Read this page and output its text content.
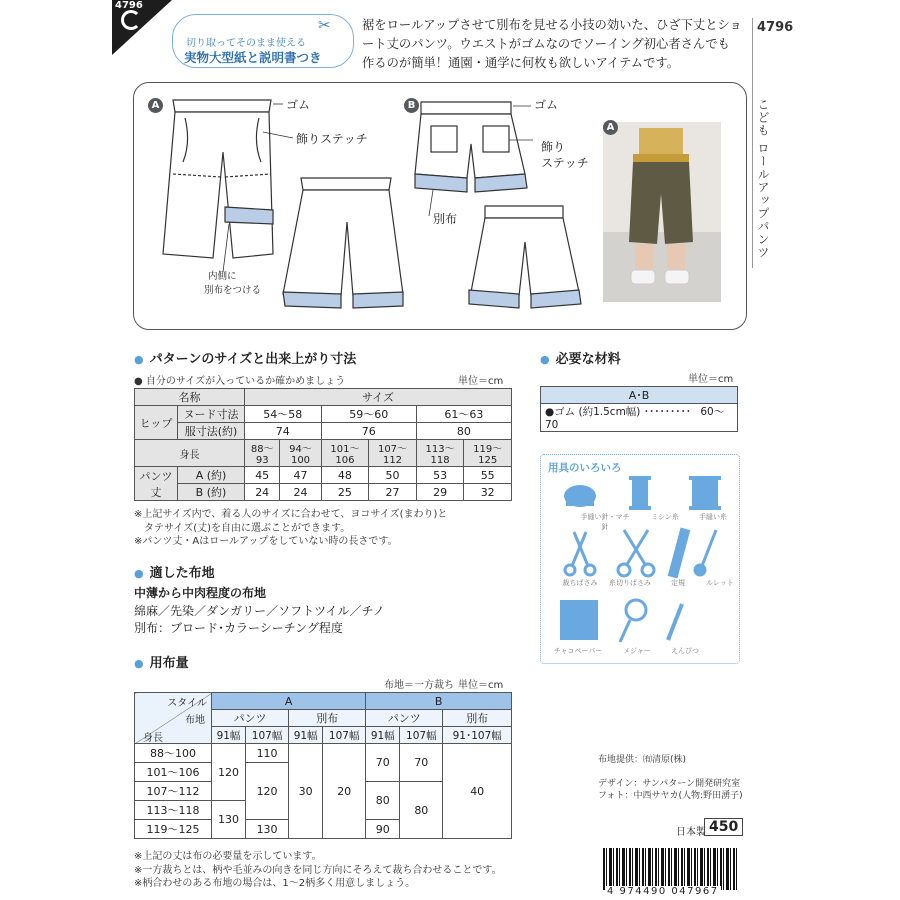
4796
切り取ってそのまま使える
実物大型紙と説明書つき
✂	裾をロールアップさせて別布を見せる小技の効いた、ひざ下丈とショート丈のパンツ。ウエストがゴムなのでソーイング初心者さんでも作るのが簡単！通園・通学に何枚も欲しいアイテムです。
4796
こども ロールアップパンツ
A	B
A
ゴム
飾りステッチ
内側に
別布をつける
ゴム
飾り
ステッチ
別布
● パターンのサイズと出来上がり寸法
● 自分のサイズが入っているか確かめましょう	単位＝cm
名称		サイズ					
ヒップ	ヌード寸法	54〜58		59〜60		61〜63	
	服寸法(約)	74		76		80	
身長		88〜93	94〜100	101〜106	107〜112	113〜118	119〜125
パンツ丈	A (約)	45	47	48	50	53	55
	B (約)	24	24	25	27	29	32
※上記サイズ内で、着る人のサイズに合わせて、ヨコサイズ(まわり)と
　タテサイズ(丈)を自由に選ぶことができます。
※パンツ丈・Aはロールアップをしていない時の長さです。
● 適した布地
中薄から中肉程度の布地
綿麻／先染／ダンガリー／ソフトツイル／チノ
別布：ブロード･カラーシーチング程度
● 用布量
布地＝一方裁ち 単位＝cm
スタイル
布地
身長	A				B		
	パンツ		別布		パンツ		別布
	91幅	107幅	91幅	107幅	91幅	107幅	91･107幅
88〜100	120	110	30	20	70	70	40
101〜106		120					
107〜112					80	80	
113〜118	130						
119〜125		130			90		
※上記の丈は布の必要量を示しています。
※一方裁ちとは、柄や毛並みの向きを同じ方向にそろえて裁ち合わせることです。
※柄合わせのある布地の場合は、1〜2柄多く用意しましょう。
● 必要な材料
単位＝cm
A･B
●ゴム (約1.5cm幅) ･････････ 60〜70
用具のいろいろ
手縫い針・マチ針
ミシン糸	手縫い糸
裁ちばさみ	糸切りばさみ	定規	ルレット
チャコペーパー	メジャー	えんぴつ
布地提供：㈲清原(株)
デザイン：サンパターン開発研究室
フォト：中西サヤカ(人物:野田湧子)
日本製 450
4 974490 047967
